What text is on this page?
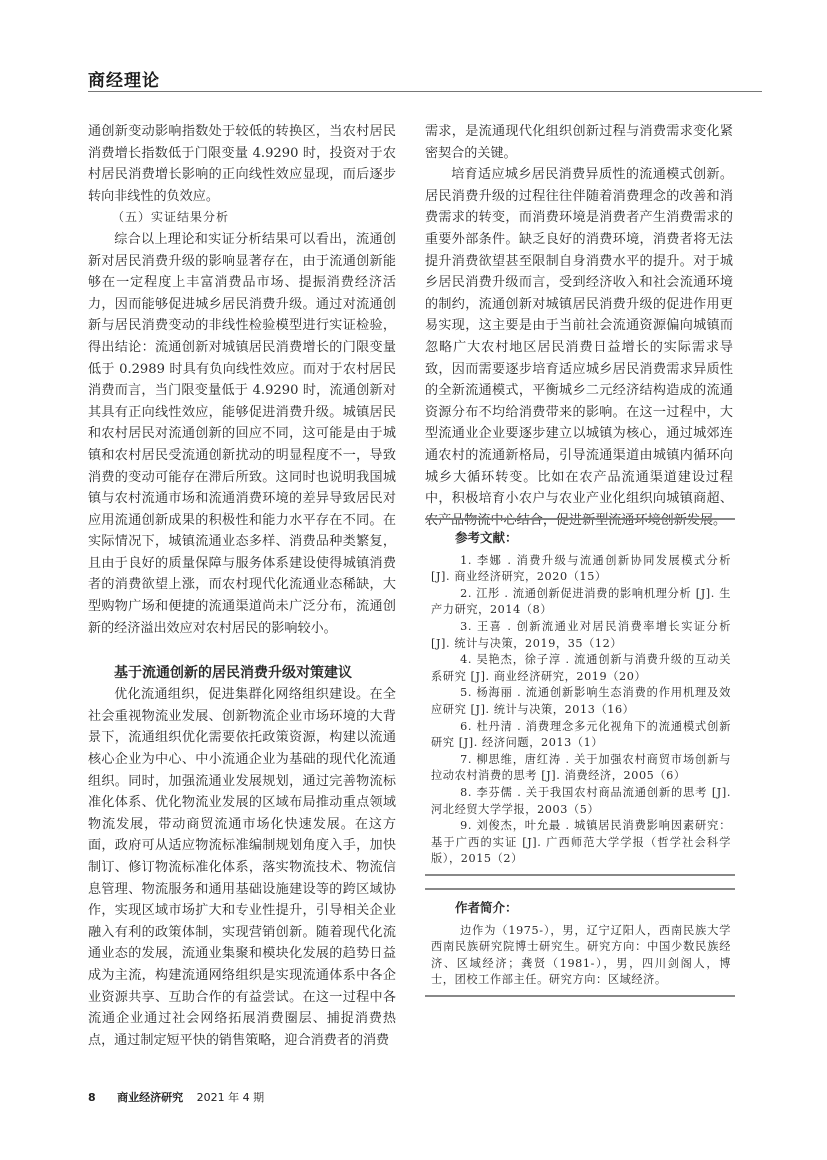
商经理论

通创新变动影响指数处于较低的转换区，当农村居民消费增长指数低于门限变量 4.9290 时，投资对于农村居民消费增长影响的正向线性效应显现，而后逐步转向非线性的负效应。

（五）实证结果分析

综合以上理论和实证分析结果可以看出，流通创新对居民消费升级的影响显著存在，由于流通创新能够在一定程度上丰富消费品市场、提振消费经济活力，因而能够促进城乡居民消费升级。通过对流通创新与居民消费变动的非线性检验模型进行实证检验，得出结论：流通创新对城镇居民消费增长的门限变量低于 0.2989 时具有负向线性效应。而对于农村居民消费而言，当门限变量低于 4.9290 时，流通创新对其具有正向线性效应，能够促进消费升级。城镇居民和农村居民对流通创新的回应不同，这可能是由于城镇和农村居民受流通创新扰动的明显程度不一，导致消费的变动可能存在滞后所致。这同时也说明我国城镇与农村流通市场和流通消费环境的差异导致居民对应用流通创新成果的积极性和能力水平存在不同。在实际情况下，城镇流通业态多样、消费品种类繁复，且由于良好的质量保障与服务体系建设使得城镇消费者的消费欲望上涨，而农村现代化流通业态稀缺，大型购物广场和便捷的流通渠道尚未广泛分布，流通创新的经济溢出效应对农村居民的影响较小。

基于流通创新的居民消费升级对策建议

优化流通组织，促进集群化网络组织建设。在全社会重视物流业发展、创新物流企业市场环境的大背景下，流通组织优化需要依托政策资源，构建以流通核心企业为中心、中小流通企业为基础的现代化流通组织。同时，加强流通业发展规划，通过完善物流标准化体系、优化物流业发展的区域布局推动重点领域物流发展，带动商贸流通市场化快速发展。在这方面，政府可从适应物流标准编制规划角度入手，加快制订、修订物流标准化体系，落实物流技术、物流信息管理、物流服务和通用基础设施建设等的跨区域协作，实现区域市场扩大和专业性提升，引导相关企业融入有利的政策体制，实现营销创新。随着现代化流通业态的发展，流通业集聚和模块化发展的趋势日益成为主流，构建流通网络组织是实现流通体系中各企业资源共享、互助合作的有益尝试。在这一过程中各流通企业通过社会网络拓展消费圈层、捕捉消费热点，通过制定短平快的销售策略，迎合消费者的消费

需求，是流通现代化组织创新过程与消费需求变化紧密契合的关键。

培育适应城乡居民消费异质性的流通模式创新。居民消费升级的过程往往伴随着消费理念的改善和消费需求的转变，而消费环境是消费者产生消费需求的重要外部条件。缺乏良好的消费环境，消费者将无法提升消费欲望甚至限制自身消费水平的提升。对于城乡居民消费升级而言，受到经济收入和社会流通环境的制约，流通创新对城镇居民消费升级的促进作用更易实现，这主要是由于当前社会流通资源偏向城镇而忽略广大农村地区居民消费日益增长的实际需求导致，因而需要逐步培育适应城乡居民消费需求异质性的全新流通模式，平衡城乡二元经济结构造成的流通资源分布不均给消费带来的影响。在这一过程中，大型流通业企业要逐步建立以城镇为核心，通过城郊连通农村的流通新格局，引导流通渠道由城镇内循环向城乡大循环转变。比如在农产品流通渠道建设过程中，积极培育小农户与农业产业化组织向城镇商超、农产品物流中心结合，促进新型流通环境创新发展。

参考文献：

1. 李娜 . 消费升级与流通创新协同发展模式分析 [J]. 商业经济研究，2020（15）

2. 江彤 . 流通创新促进消费的影响机理分析 [J]. 生产力研究，2014（8）

3. 王喜 . 创新流通业对居民消费率增长实证分析 [J]. 统计与决策，2019，35（12）

4. 吴艳杰，徐子淳 . 流通创新与消费升级的互动关系研究 [J]. 商业经济研究，2019（20）

5. 杨海丽 . 流通创新影响生态消费的作用机理及效应研究 [J]. 统计与决策，2013（16）

6. 杜丹清 . 消费理念多元化视角下的流通模式创新研究 [J]. 经济问题，2013（1）

7. 柳思维，唐红涛 . 关于加强农村商贸市场创新与拉动农村消费的思考 [J]. 消费经济，2005（6）

8. 李芬儒 . 关于我国农村商品流通创新的思考 [J]. 河北经贸大学学报，2003（5）

9. 刘俊杰，叶允最 . 城镇居民消费影响因素研究：基于广西的实证 [J]. 广西师范大学学报（哲学社会科学版），2015（2）

作者简介：

边作为（1975-），男，辽宁辽阳人，西南民族大学西南民族研究院博士研究生。研究方向：中国少数民族经济、区域经济；龚贤（1981-），男，四川剑阁人，博士，团校工作部主任。研究方向：区域经济。

8 商业经济研究 2021 年 4 期
